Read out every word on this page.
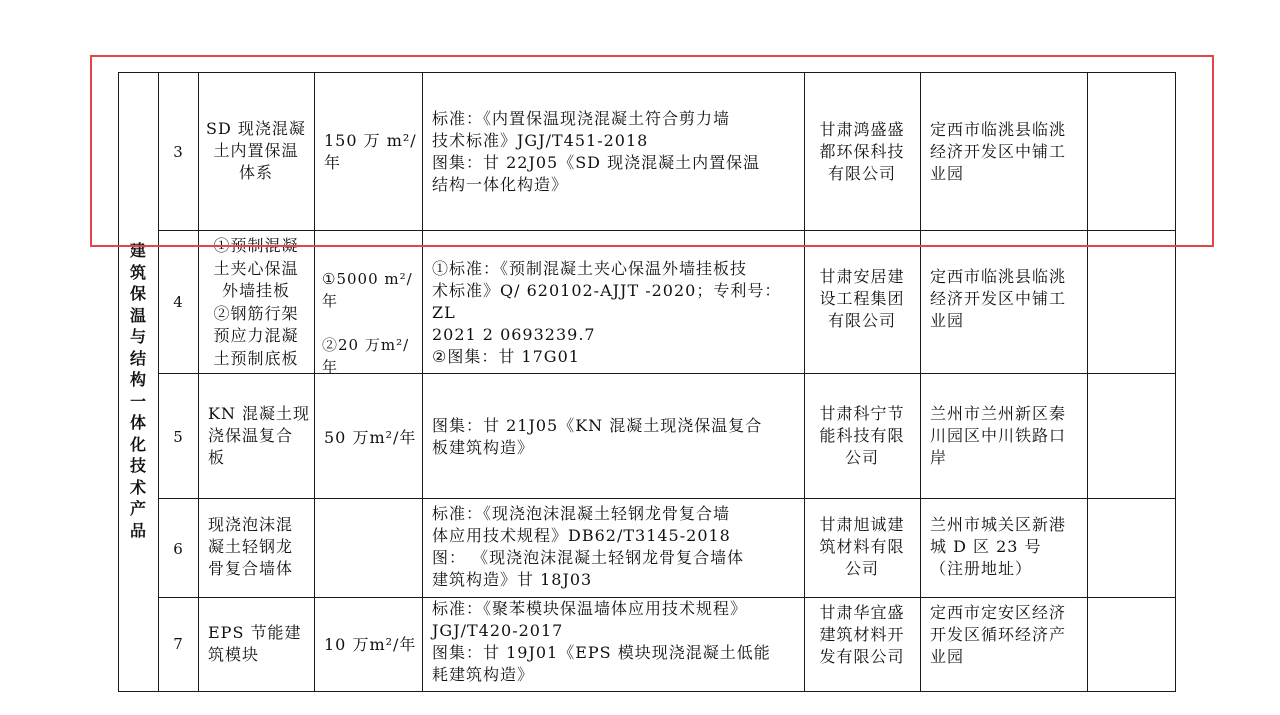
建
筑
保
温
与
结
构
一
体
化
技
术
产
品
3
SD 现浇混凝
土内置保温
体系
150 万 m²/
年
标准：《内置保温现浇混凝土符合剪力墙
技术标准》JGJ/T451-2018
图集：甘 22J05《SD 现浇混凝土内置保温
结构一体化构造》
甘肃鸿盛盛
都环保科技
有限公司
定西市临洮县临洮
经济开发区中铺工
业园
4
①预制混凝
土夹心保温
外墙挂板
②钢筋行架
预应力混凝
土预制底板
①5000 m²/年

②20 万m²/年
①标准：《预制混凝土夹心保温外墙挂板技
术标准》Q/ 620102-AJJT -2020；专利号：ZL
2021 2 0693239.7
②图集：甘 17G01
甘肃安居建
设工程集团
有限公司
定西市临洮县临洮
经济开发区中铺工
业园
5
KN 混凝土现
浇保温复合
板
50 万m²/年
图集：甘 21J05《KN 混凝土现浇保温复合
板建筑构造》
甘肃科宁节
能科技有限
公司
兰州市兰州新区秦
川园区中川铁路口
岸
6
现浇泡沫混
凝土轻钢龙
骨复合墙体
标准：《现浇泡沫混凝土轻钢龙骨复合墙
体应用技术规程》DB62/T3145-2018
图： 《现浇泡沫混凝土轻钢龙骨复合墙体
建筑构造》甘 18J03
甘肃旭诚建
筑材料有限
公司
兰州市城关区新港
城 D 区 23 号
（注册地址）
7
EPS 节能建
筑模块
10 万m²/年
标准：《聚苯模块保温墙体应用技术规程》
JGJ/T420-2017
图集：甘 19J01《EPS 模块现浇混凝土低能
耗建筑构造》
甘肃华宜盛
建筑材料开
发有限公司
定西市定安区经济
开发区循环经济产
业园
